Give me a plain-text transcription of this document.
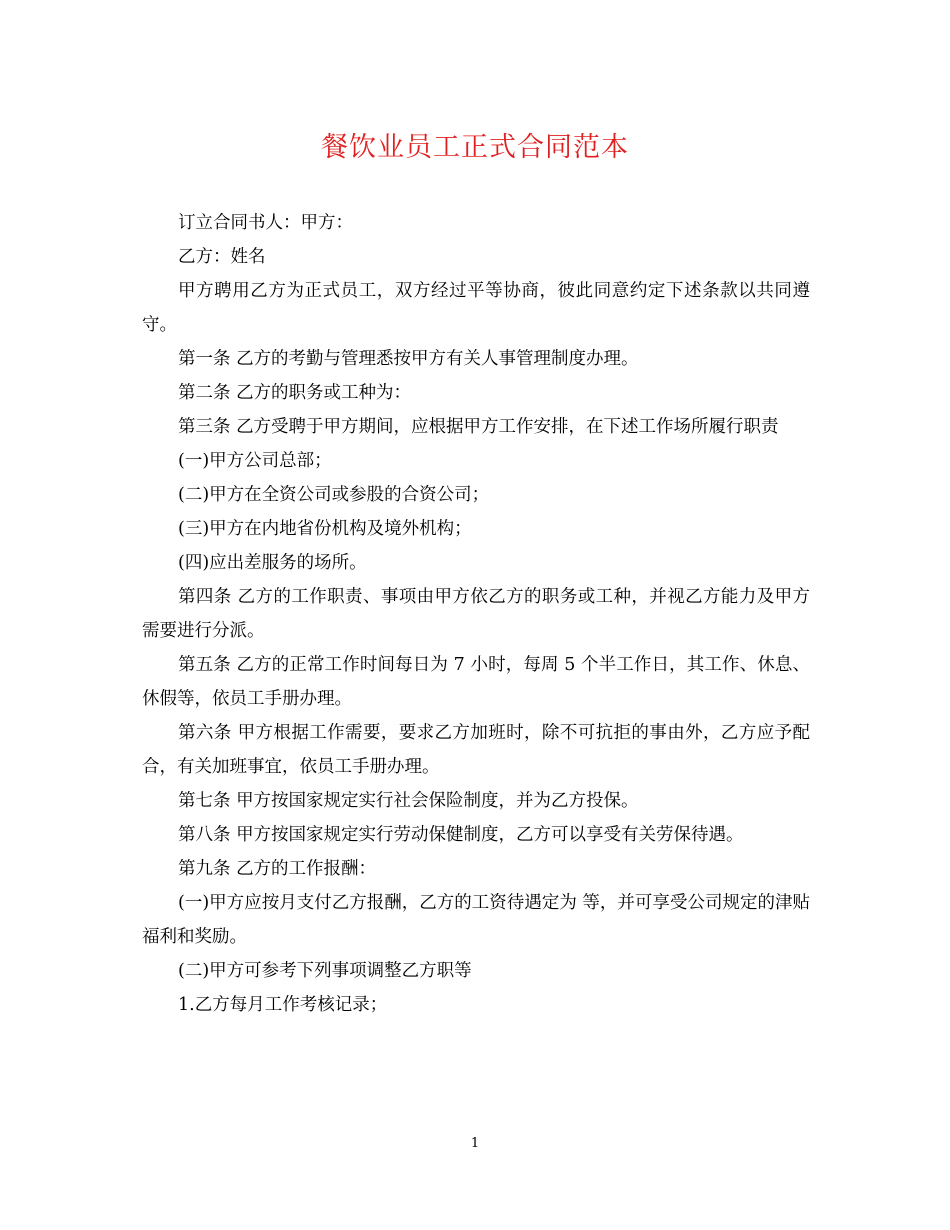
餐饮业员工正式合同范本

订立合同书人：甲方：

乙方：姓名

甲方聘用乙方为正式员工，双方经过平等协商，彼此同意约定下述条款以共同遵守。

第一条 乙方的考勤与管理悉按甲方有关人事管理制度办理。

第二条 乙方的职务或工种为：

第三条 乙方受聘于甲方期间，应根据甲方工作安排，在下述工作场所履行职责

(一)甲方公司总部；

(二)甲方在全资公司或参股的合资公司；

(三)甲方在内地省份机构及境外机构；

(四)应出差服务的场所。

第四条 乙方的工作职责、事项由甲方依乙方的职务或工种，并视乙方能力及甲方需要进行分派。

第五条 乙方的正常工作时间每日为 7 小时，每周 5 个半工作日，其工作、休息、休假等，依员工手册办理。

第六条 甲方根据工作需要，要求乙方加班时，除不可抗拒的事由外，乙方应予配合，有关加班事宜，依员工手册办理。

第七条 甲方按国家规定实行社会保险制度，并为乙方投保。

第八条 甲方按国家规定实行劳动保健制度，乙方可以享受有关劳保待遇。

第九条 乙方的工作报酬：

(一)甲方应按月支付乙方报酬，乙方的工资待遇定为 等，并可享受公司规定的津贴福利和奖励。

(二)甲方可参考下列事项调整乙方职等

1.乙方每月工作考核记录；

1
